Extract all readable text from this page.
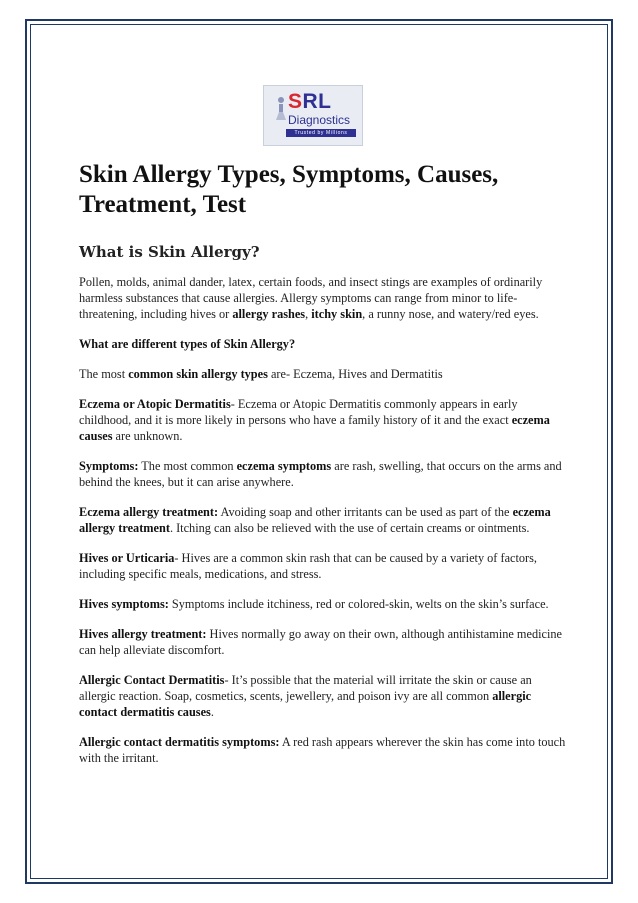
SRL
Diagnostics
Trusted by Millions
Skin Allergy Types, Symptoms, Causes, Treatment, Test
What is Skin Allergy?

Pollen, molds, animal dander, latex, certain foods, and insect stings are examples of ordinarily harmless substances that cause allergies. Allergy symptoms can range from minor to life-threatening, including hives or allergy rashes, itchy skin, a runny nose, and watery/red eyes.

What are different types of Skin Allergy?

The most common skin allergy types are- Eczema, Hives and Dermatitis

Eczema or Atopic Dermatitis- Eczema or Atopic Dermatitis commonly appears in early childhood, and it is more likely in persons who have a family history of it and the exact eczema causes are unknown.

Symptoms: The most common eczema symptoms are rash, swelling, that occurs on the arms and behind the knees, but it can arise anywhere.

Eczema allergy treatment: Avoiding soap and other irritants can be used as part of the eczema allergy treatment. Itching can also be relieved with the use of certain creams or ointments.

Hives or Urticaria- Hives are a common skin rash that can be caused by a variety of factors, including specific meals, medications, and stress.

Hives symptoms: Symptoms include itchiness, red or colored-skin, welts on the skin’s surface.

Hives allergy treatment: Hives normally go away on their own, although antihistamine medicine can help alleviate discomfort.

Allergic Contact Dermatitis- It’s possible that the material will irritate the skin or cause an allergic reaction. Soap, cosmetics, scents, jewellery, and poison ivy are all common allergic contact dermatitis causes.

Allergic contact dermatitis symptoms: A red rash appears wherever the skin has come into touch with the irritant.
